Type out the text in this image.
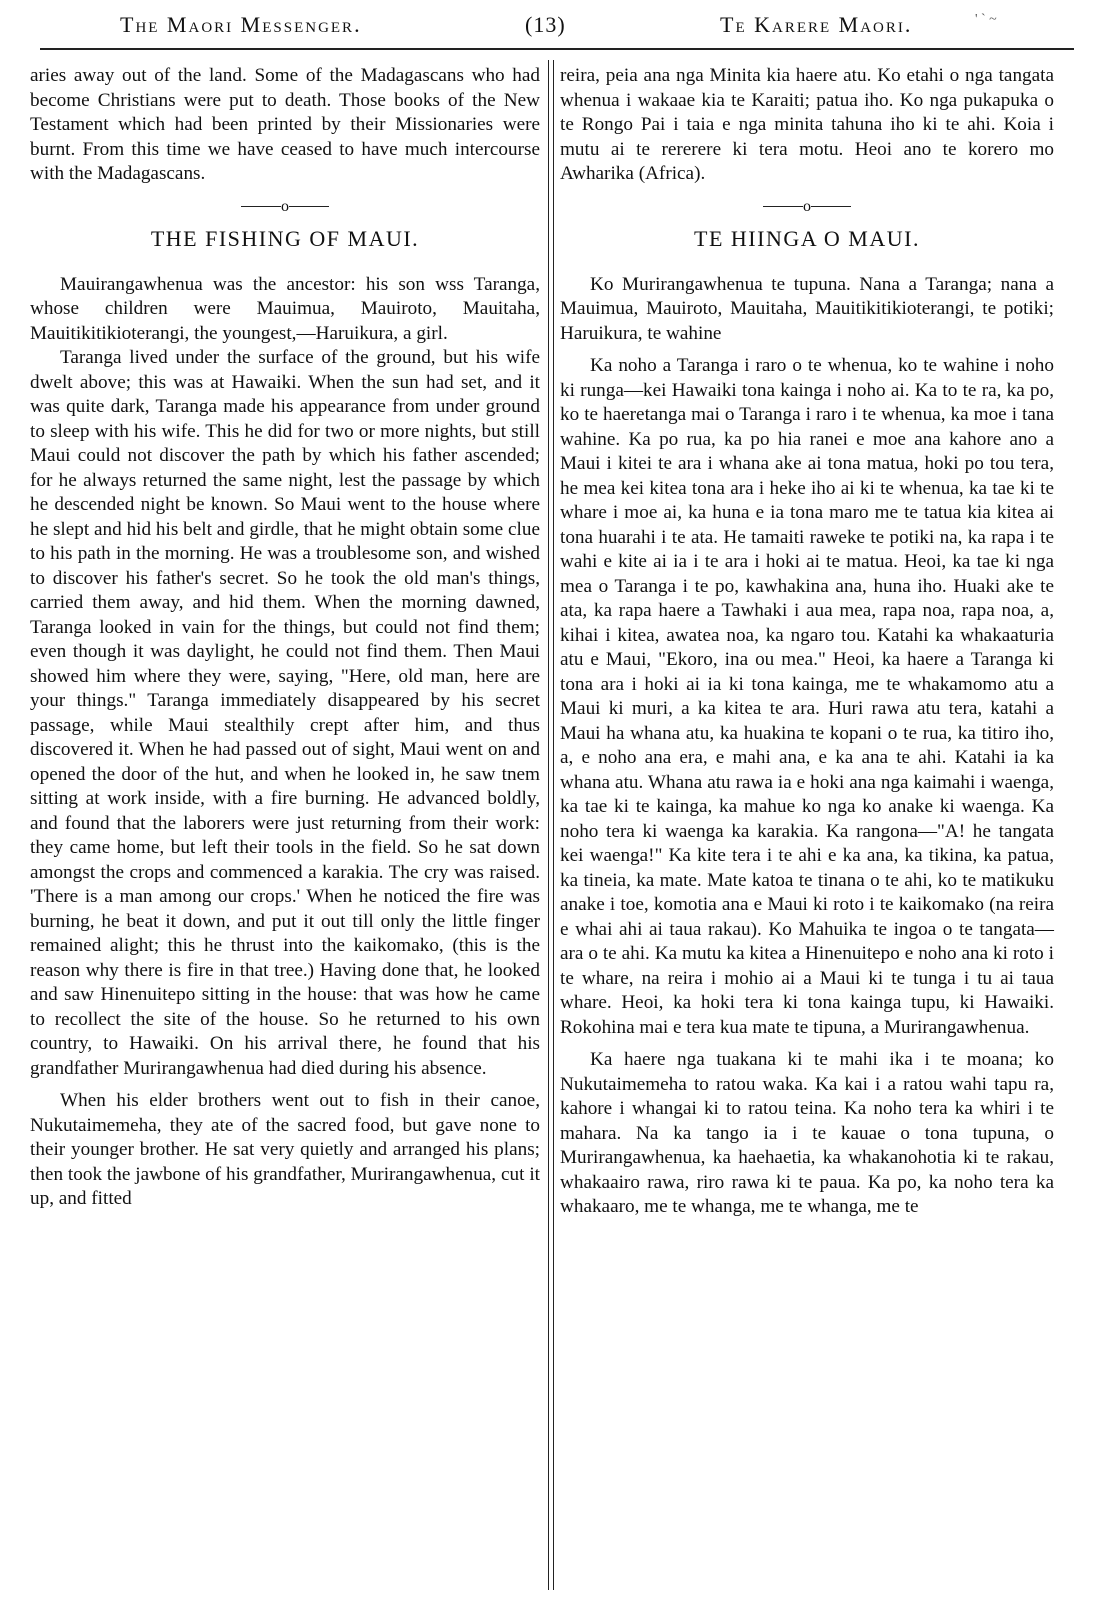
The Maori Messenger.	(13)	Te Karere Maori.	' ` ~

aries away out of the land. Some of the Madagascans who had become Christians were put to death. Those books of the New Testament which had been printed by their Missionaries were burnt. From this time we have ceased to have much intercourse with the Madagascans.

o
THE FISHING OF MAUI.

Mauirangawhenua was the ancestor: his son wss Taranga, whose children were Mauimua, Mauiroto, Mauitaha, Mauitikitikioterangi, the youngest,—Haruikura, a girl.

Taranga lived under the surface of the ground, but his wife dwelt above; this was at Hawaiki. When the sun had set, and it was quite dark, Taranga made his appearance from under ground to sleep with his wife. This he did for two or more nights, but still Maui could not discover the path by which his father ascended; for he always returned the same night, lest the passage by which he descended night be known. So Maui went to the house where he slept and hid his belt and girdle, that he might obtain some clue to his path in the morning. He was a troublesome son, and wished to discover his father's secret. So he took the old man's things, carried them away, and hid them. When the morning dawned, Taranga looked in vain for the things, but could not find them; even though it was daylight, he could not find them. Then Maui showed him where they were, saying, "Here, old man, here are your things." Taranga immediately disappeared by his secret passage, while Maui stealthily crept after him, and thus discovered it. When he had passed out of sight, Maui went on and opened the door of the hut, and when he looked in, he saw tnem sitting at work inside, with a fire burning. He advanced boldly, and found that the laborers were just returning from their work: they came home, but left their tools in the field. So he sat down amongst the crops and commenced a karakia. The cry was raised. 'There is a man among our crops.' When he noticed the fire was burning, he beat it down, and put it out till only the little finger remained alight; this he thrust into the kaikomako, (this is the reason why there is fire in that tree.) Having done that, he looked and saw Hinenuitepo sitting in the house: that was how he came to recollect the site of the house. So he returned to his own country, to Hawaiki. On his arrival there, he found that his grandfather Murirangawhenua had died during his absence.

When his elder brothers went out to fish in their canoe, Nukutaimemeha, they ate of the sacred food, but gave none to their younger brother. He sat very quietly and arranged his plans; then took the jawbone of his grandfather, Murirangawhenua, cut it up, and fitted

reira, peia ana nga Minita kia haere atu. Ko etahi o nga tangata whenua i wakaae kia te Karaiti; patua iho. Ko nga pukapuka o te Rongo Pai i taia e nga minita tahuna iho ki te ahi. Koia i mutu ai te rererere ki tera motu. Heoi ano te korero mo Awharika (Africa).

o
TE HIINGA O MAUI.

Ko Murirangawhenua te tupuna. Nana a Taranga; nana a Mauimua, Mauiroto, Mauitaha, Mauitikitikioterangi, te potiki; Haruikura, te wahine

Ka noho a Taranga i raro o te whenua, ko te wahine i noho ki runga—kei Hawaiki tona kainga i noho ai. Ka to te ra, ka po, ko te haeretanga mai o Taranga i raro i te whenua, ka moe i tana wahine. Ka po rua, ka po hia ranei e moe ana kahore ano a Maui i kitei te ara i whana ake ai tona matua, hoki po tou tera, he mea kei kitea tona ara i heke iho ai ki te whenua, ka tae ki te whare i moe ai, ka huna e ia tona maro me te tatua kia kitea ai tona huarahi i te ata. He tamaiti raweke te potiki na, ka rapa i te wahi e kite ai ia i te ara i hoki ai te matua. Heoi, ka tae ki nga mea o Taranga i te po, kawhakina ana, huna iho. Huaki ake te ata, ka rapa haere a Tawhaki i aua mea, rapa noa, rapa noa, a, kihai i kitea, awatea noa, ka ngaro tou. Katahi ka whakaaturia atu e Maui, "Ekoro, ina ou mea." Heoi, ka haere a Taranga ki tona ara i hoki ai ia ki tona kainga, me te whakamomo atu a Maui ki muri, a ka kitea te ara. Huri rawa atu tera, katahi a Maui ha whana atu, ka huakina te kopani o te rua, ka titiro iho, a, e noho ana era, e mahi ana, e ka ana te ahi. Katahi ia ka whana atu. Whana atu rawa ia e hoki ana nga kaimahi i waenga, ka tae ki te kainga, ka mahue ko nga ko anake ki waenga. Ka noho tera ki waenga ka karakia. Ka rangona—"A! he tangata kei waenga!" Ka kite tera i te ahi e ka ana, ka tikina, ka patua, ka tineia, ka mate. Mate katoa te tinana o te ahi, ko te matikuku anake i toe, komotia ana e Maui ki roto i te kaikomako (na reira e whai ahi ai taua rakau). Ko Mahuika te ingoa o te tangata—ara o te ahi. Ka mutu ka kitea a Hinenuitepo e noho ana ki roto i te whare, na reira i mohio ai a Maui ki te tunga i tu ai taua whare. Heoi, ka hoki tera ki tona kainga tupu, ki Hawaiki. Rokohina mai e tera kua mate te tipuna, a Murirangawhenua.

Ka haere nga tuakana ki te mahi ika i te moana; ko Nukutaimemeha to ratou waka. Ka kai i a ratou wahi tapu ra, kahore i whangai ki to ratou teina. Ka noho tera ka whiri i te mahara. Na ka tango ia i te kauae o tona tupuna, o Murirangawhenua, ka haehaetia, ka whakanohotia ki te rakau, whakaairo rawa, riro rawa ki te paua. Ka po, ka noho tera ka whakaaro, me te whanga, me te whanga, me te
